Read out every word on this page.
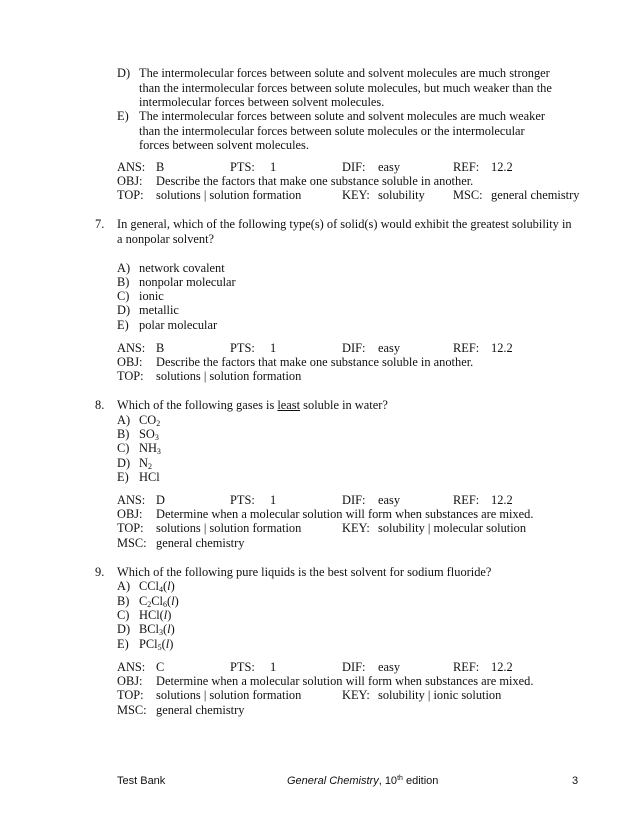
D) The intermolecular forces between solute and solvent molecules are much stronger
than the intermolecular forces between solute molecules, but much weaker than the
intermolecular forces between solvent molecules.
E) The intermolecular forces between solute and solvent molecules are much weaker
than the intermolecular forces between solute molecules or the intermolecular
forces between solvent molecules.
ANS: B	PTS: 1	DIF: easy	REF: 12.2
OBJ: Describe the factors that make one substance soluble in another.
TOP: solutions | solution formation	KEY: solubility MSC: general chemistry
7. In general, which of the following type(s) of solid(s) would exhibit the greatest solubility in
a nonpolar solvent?
A) network covalent
B) nonpolar molecular
C) ionic
D) metallic
E) polar molecular
ANS: B	PTS: 1	DIF: easy	REF: 12.2
OBJ: Describe the factors that make one substance soluble in another.
TOP: solutions | solution formation
8. Which of the following gases is least soluble in water?
A) $CO_2$
B) $SO_3$
C) $NH_3$
D) $N_2$
E) HCl
ANS: D	PTS: 1	DIF: easy	REF: 12.2
OBJ: Determine when a molecular solution will form when substances are mixed.
TOP: solutions | solution formation	KEY: solubility | molecular solution
MSC: general chemistry
9. Which of the following pure liquids is the best solvent for sodium fluoride?
A) CCl$_4$(l)
B) $C_2Cl_6(l)$
C) HCl(l)
D) BCl$_3$(l)
E) PCl$_5$(l)
ANS: C	PTS: 1	DIF: easy	REF: 12.2
OBJ: Determine when a molecular solution will form when substances are mixed.
TOP: solutions | solution formation	KEY: solubility | ionic solution
MSC: general chemistry
Test Bank	General Chemistry, 10th edition	3
